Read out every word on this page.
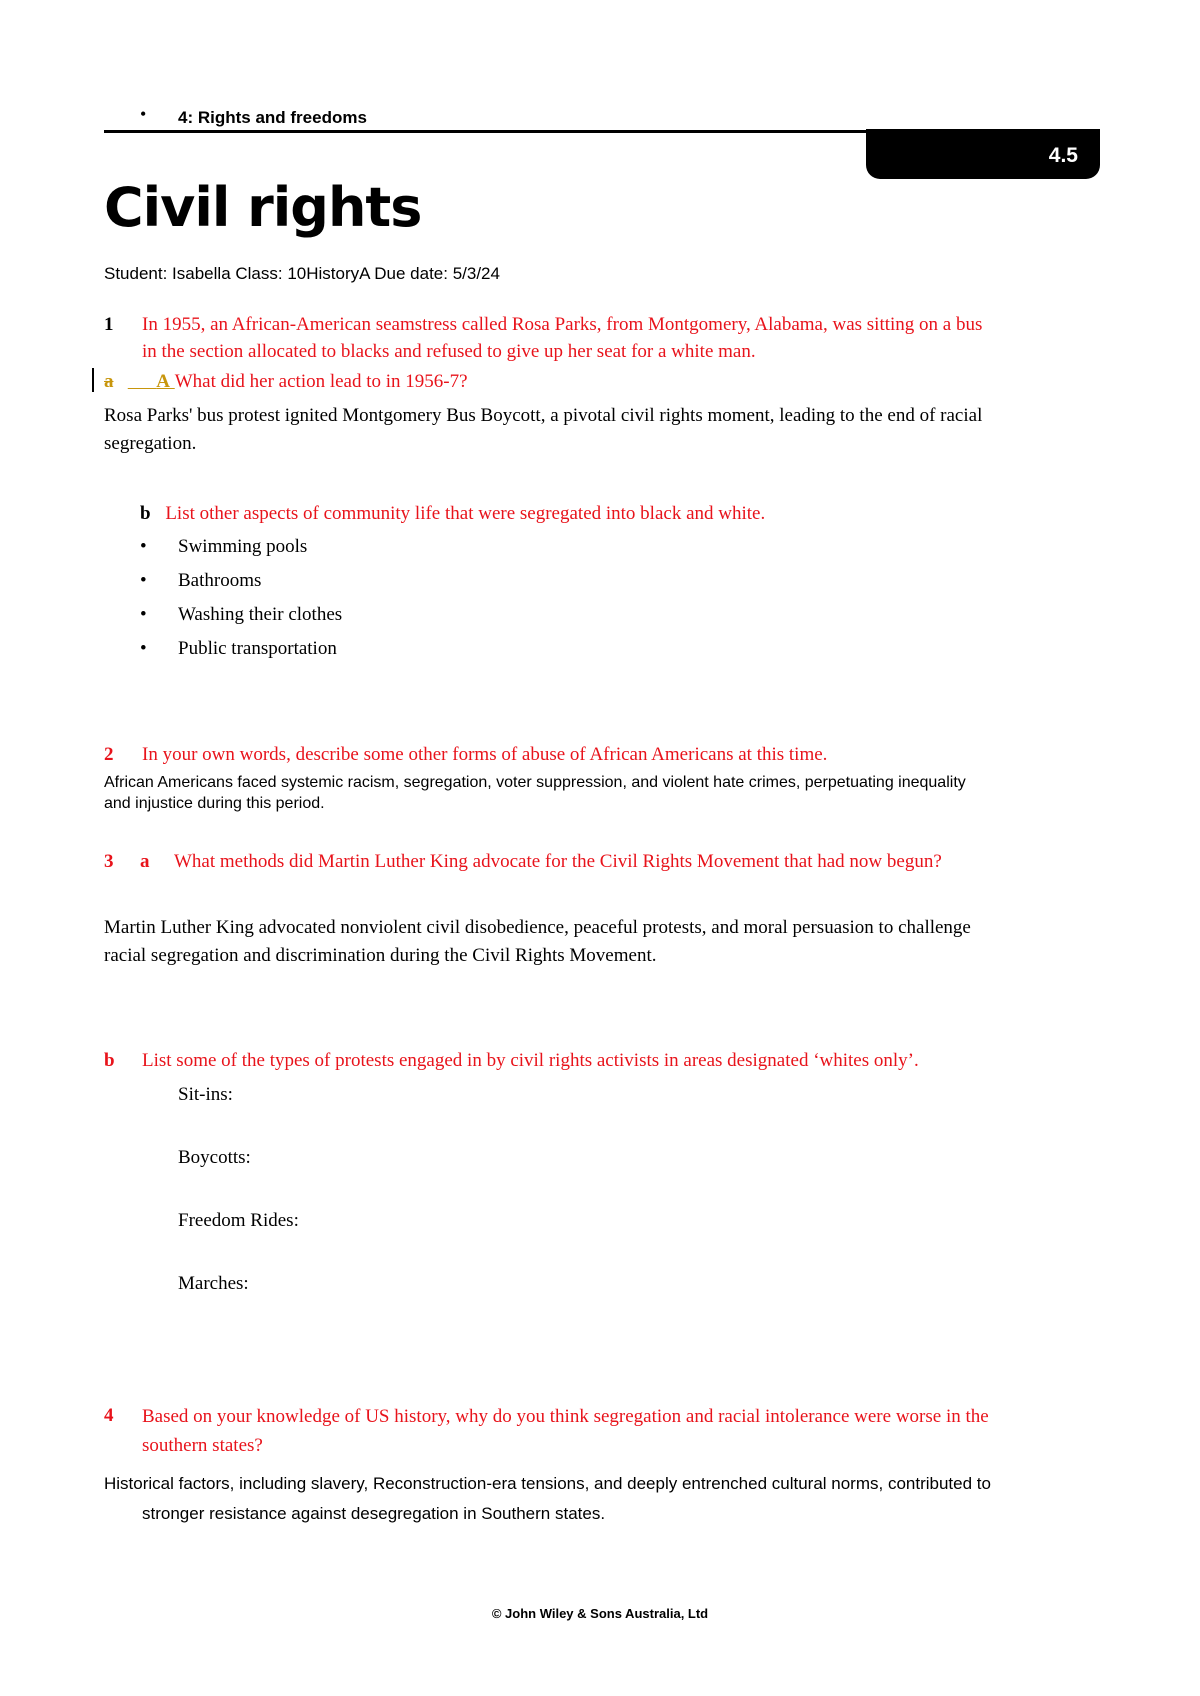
• 4: Rights and freedoms
4.5
Civil rights
Student: Isabella Class: 10HistoryA Due date: 5/3/24
1 In 1955, an African-American seamstress called Rosa Parks, from Montgomery, Alabama, was sitting on a bus
in the section allocated to blacks and refused to give up her seat for a white man.
a A What did her action lead to in 1956-7?
Rosa Parks' bus protest ignited Montgomery Bus Boycott, a pivotal civil rights moment, leading to the end of racial
segregation.
b List other aspects of community life that were segregated into black and white.
• Swimming pools
• Bathrooms
• Washing their clothes
• Public transportation
2 In your own words, describe some other forms of abuse of African Americans at this time.
African Americans faced systemic racism, segregation, voter suppression, and violent hate crimes, perpetuating inequality
and injustice during this period.
3 a What methods did Martin Luther King advocate for the Civil Rights Movement that had now begun?
Martin Luther King advocated nonviolent civil disobedience, peaceful protests, and moral persuasion to challenge
racial segregation and discrimination during the Civil Rights Movement.
b List some of the types of protests engaged in by civil rights activists in areas designated ‘whites only’.
Sit-ins:
Boycotts:
Freedom Rides:
Marches:
4 Based on your knowledge of US history, why do you think segregation and racial intolerance were worse in the
southern states?
Historical factors, including slavery, Reconstruction-era tensions, and deeply entrenched cultural norms, contributed to
stronger resistance against desegregation in Southern states.
© John Wiley & Sons Australia, Ltd
